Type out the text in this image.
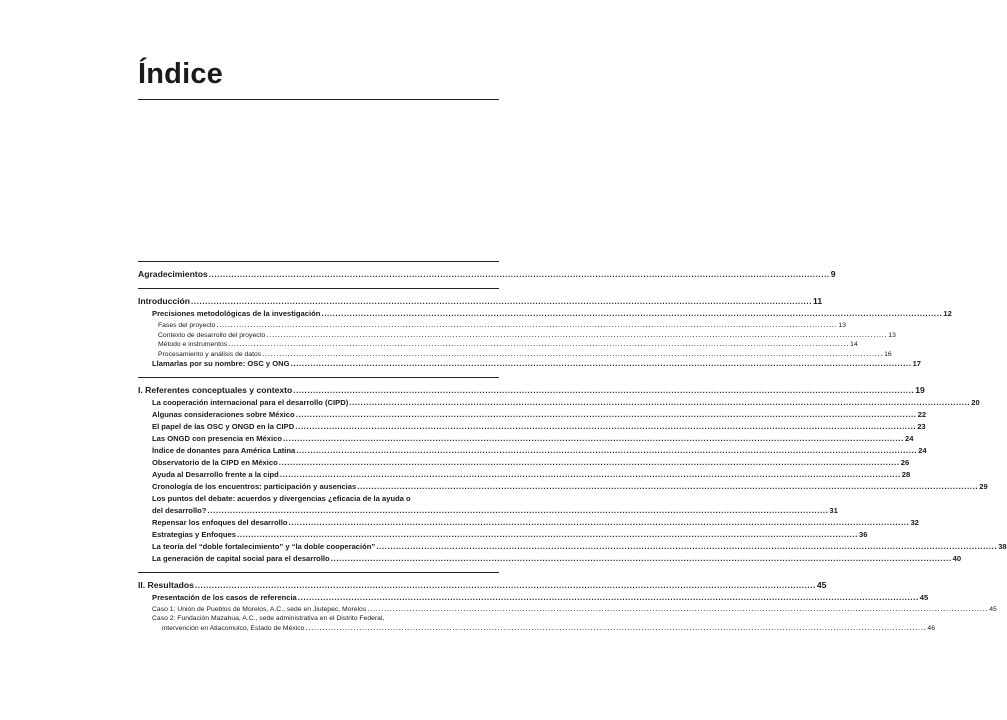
Índice
Agradecimientos ............................................................................................................................................................................................................................ 9
Introducción ............................................................................................................................................................................................................................ 11
Precisiones metodológicas de la investigación ............................................................................................................................................................................................................................ 12
Fases del proyecto ............................................................................................................................................................................................................................ 13
Contexto de desarrollo del proyecto ............................................................................................................................................................................................................................ 13
Método e instrumentos ............................................................................................................................................................................................................................ 14
Procesamiento y análisis de datos ............................................................................................................................................................................................................................ 16
Llamarlas por su nombre: OSC y ONG ............................................................................................................................................................................................................................ 17
I. Referentes conceptuales y contexto ............................................................................................................................................................................................................................ 19
La cooperación internacional para el desarrollo (CIPD) ............................................................................................................................................................................................................................ 20
Algunas consideraciones sobre México ............................................................................................................................................................................................................................ 22
El papel de las OSC y ONGD en la CIPD ............................................................................................................................................................................................................................ 23
Las ONGD con presencia en México ............................................................................................................................................................................................................................ 24
Índice de donantes para América Latina ............................................................................................................................................................................................................................ 24
Observatorio de la CIPD en México ............................................................................................................................................................................................................................ 26
Ayuda al Desarrollo frente a la cipd ............................................................................................................................................................................................................................ 28
Cronología de los encuentros: participación y ausencias ............................................................................................................................................................................................................................ 29
Los puntos del debate: acuerdos y divergencias ¿eficacia de la ayuda o
del desarrollo? ............................................................................................................................................................................................................................ 31
Repensar los enfoques del desarrollo ............................................................................................................................................................................................................................ 32
Estrategias y Enfoques ............................................................................................................................................................................................................................ 36
La teoría del “doble fortalecimiento” y “la doble cooperación” ............................................................................................................................................................................................................................ 38
La generación de capital social para el desarrollo ............................................................................................................................................................................................................................ 40
II. Resultados ............................................................................................................................................................................................................................ 45
Presentación de los casos de referencia ............................................................................................................................................................................................................................ 45
Caso 1: Unión de Pueblos de Morelos, A.C., sede en Jiutepec, Morelos ............................................................................................................................................................................................................................ 45
Caso 2: Fundación Mazahua, A.C., sede administrativa en el Distrito Federal,
intervención en Atlacomulco, Estado de México ............................................................................................................................................................................................................................ 46
